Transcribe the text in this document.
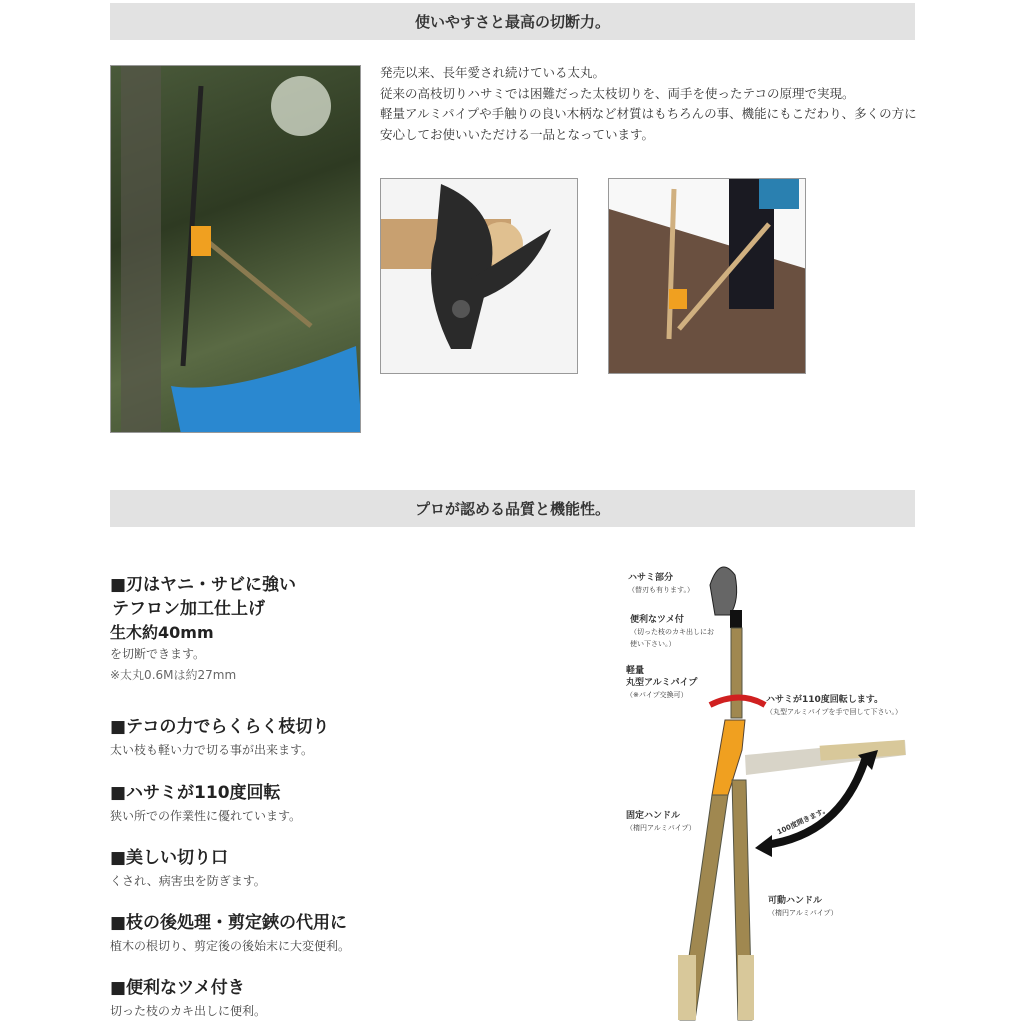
使いやすさと最高の切断力。

発売以来、長年愛され続けている太丸。

従来の高枝切りハサミでは困難だった太枝切りを、両手を使ったテコの原理で実現。

軽量アルミパイプや手触りの良い木柄など材質はもちろんの事、機能にもこだわり、多くの方に安心してお使いいただける一品となっています。

プロが認める品質と機能性。
■刃はヤニ・サビに強い
テフロン加工仕上げ
生木約40mm
を切断できます。
※太丸0.6Mは約27mm
■テコの力でらくらく枝切り
太い枝も軽い力で切る事が出来ます。
■ハサミが110度回転
狭い所での作業性に優れています。
■美しい切り口
くされ、病害虫を防ぎます。
■枝の後処理・剪定鋏の代用に
植木の根切り、剪定後の後始末に大変便利。
■便利なツメ付き
切った枝のカキ出しに便利。
ハサミ部分
（替刃も有ります。）
便利なツメ付
（切った枝のカキ出しにお使い下さい。）
軽量
丸型アルミパイプ
（※パイプ交換可）	ハサミが110度回転します。
（丸型アルミパイプを手で回して下さい。）
固定ハンドル
（楕円アルミパイプ）	100度開きます。
可動ハンドル
（楕円アルミパイプ）
